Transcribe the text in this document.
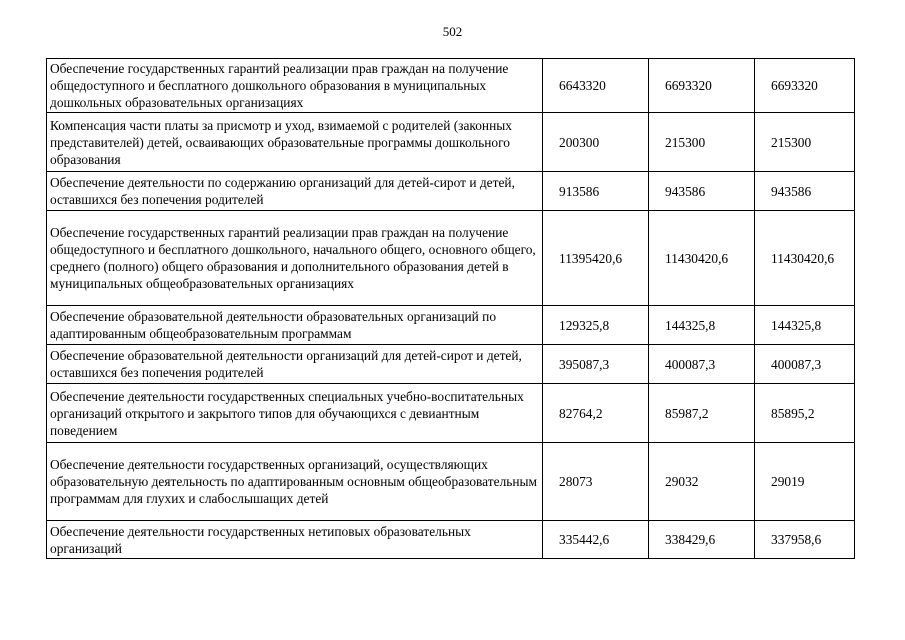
502
Обеспечение государственных гарантий реализации прав граждан на получение общедоступного и бесплатного дошкольного образования в муниципальных дошкольных образовательных организациях	6643320	6693320	6693320
Компенсация части платы за присмотр и уход, взимаемой с родителей (законных представителей) детей, осваивающих образовательные программы дошкольного образования	200300	215300	215300
Обеспечение деятельности по содержанию организаций для детей-сирот и детей, оставшихся без попечения родителей	913586	943586	943586
Обеспечение государственных гарантий реализации прав граждан на получение общедоступного и бесплатного дошкольного, начального общего, основного общего, среднего (полного) общего образования и дополнительного образования детей в муниципальных общеобразовательных организациях	11395420,6	11430420,6	11430420,6
Обеспечение образовательной деятельности образовательных организаций по адаптированным общеобразовательным программам	129325,8	144325,8	144325,8
Обеспечение образовательной деятельности организаций для детей-сирот и детей, оставшихся без попечения родителей	395087,3	400087,3	400087,3
Обеспечение деятельности государственных специальных учебно-воспитательных организаций открытого и закрытого типов для обучающихся с девиантным поведением	82764,2	85987,2	85895,2
Обеспечение деятельности государственных организаций, осуществляющих образовательную деятельность по адаптированным основным общеобразовательным программам для глухих и слабослышащих детей	28073	29032	29019
Обеспечение деятельности государственных нетиповых образовательных организаций	335442,6	338429,6	337958,6
